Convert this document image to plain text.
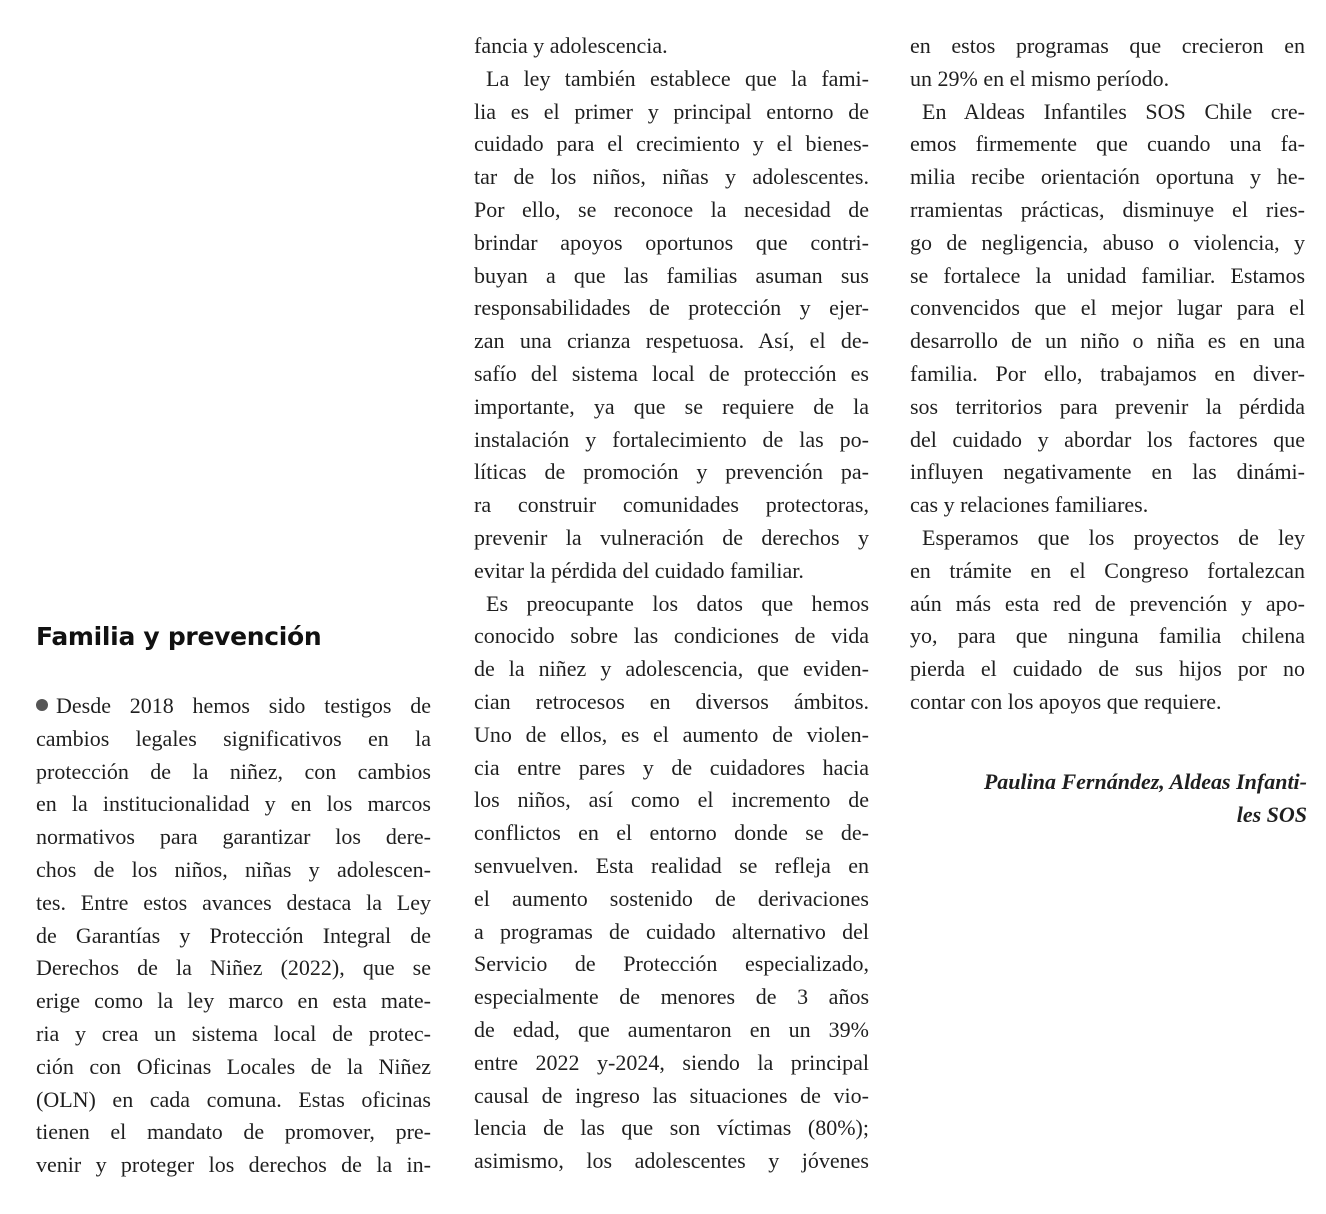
Familia y prevención
Desde 2018 hemos sido testigos de
cambios legales significativos en la
protección de la niñez, con cambios
en la institucionalidad y en los marcos
normativos para garantizar los dere-
chos de los niños, niñas y adolescen-
tes. Entre estos avances destaca la Ley
de Garantías y Protección Integral de
Derechos de la Niñez (2022), que se
erige como la ley marco en esta mate-
ria y crea un sistema local de protec-
ción con Oficinas Locales de la Niñez
(OLN) en cada comuna. Estas oficinas
tienen el mandato de promover, pre-
venir y proteger los derechos de la in-
fancia y adolescencia.
La ley también establece que la fami-
lia es el primer y principal entorno de
cuidado para el crecimiento y el bienes-
tar de los niños, niñas y adolescentes.
Por ello, se reconoce la necesidad de
brindar apoyos oportunos que contri-
buyan a que las familias asuman sus
responsabilidades de protección y ejer-
zan una crianza respetuosa. Así, el de-
safío del sistema local de protección es
importante, ya que se requiere de la
instalación y fortalecimiento de las po-
líticas de promoción y prevención pa-
ra construir comunidades protectoras,
prevenir la vulneración de derechos y
evitar la pérdida del cuidado familiar.
Es preocupante los datos que hemos
conocido sobre las condiciones de vida
de la niñez y adolescencia, que eviden-
cian retrocesos en diversos ámbitos.
Uno de ellos, es el aumento de violen-
cia entre pares y de cuidadores hacia
los niños, así como el incremento de
conflictos en el entorno donde se de-
senvuelven. Esta realidad se refleja en
el aumento sostenido de derivaciones
a programas de cuidado alternativo del
Servicio de Protección especializado,
especialmente de menores de 3 años
de edad, que aumentaron en un 39%
entre 2022 y-2024, siendo la principal
causal de ingreso las situaciones de vio-
lencia de las que son víctimas (80%);
asimismo, los adolescentes y jóvenes
en estos programas que crecieron en
un 29% en el mismo período.
En Aldeas Infantiles SOS Chile cre-
emos firmemente que cuando una fa-
milia recibe orientación oportuna y he-
rramientas prácticas, disminuye el ries-
go de negligencia, abuso o violencia, y
se fortalece la unidad familiar. Estamos
convencidos que el mejor lugar para el
desarrollo de un niño o niña es en una
familia. Por ello, trabajamos en diver-
sos territorios para prevenir la pérdida
del cuidado y abordar los factores que
influyen negativamente en las dinámi-
cas y relaciones familiares.
Esperamos que los proyectos de ley
en trámite en el Congreso fortalezcan
aún más esta red de prevención y apo-
yo, para que ninguna familia chilena
pierda el cuidado de sus hijos por no
contar con los apoyos que requiere.
Paulina Fernández, Aldeas Infanti-
les SOS
